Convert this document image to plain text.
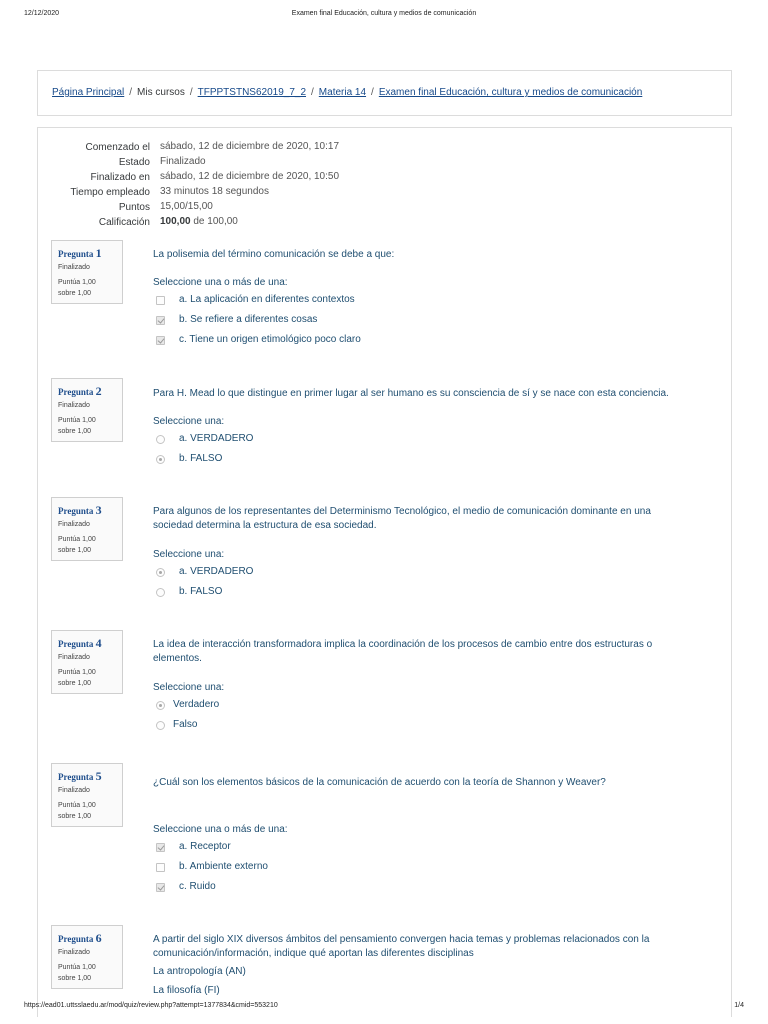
12/12/2020	Examen final Educación, cultura y medios de comunicación
Página Principal / Mis cursos / TFPPTSTNS62019_7_2 / Materia 14 / Examen final Educación, cultura y medios de comunicación
Comenzado el sábado, 12 de diciembre de 2020, 10:17
Estado Finalizado
Finalizado en sábado, 12 de diciembre de 2020, 10:50
Tiempo empleado 33 minutos 18 segundos
Puntos 15,00/15,00
Calificación 100,00 de 100,00
Pregunta 1
Finalizado
Puntúa 1,00
sobre 1,00
La polisemia del término comunicación se debe a que:
Seleccione una o más de una:
a. La aplicación en diferentes contextos
b. Se refiere a diferentes cosas
c. Tiene un origen etimológico poco claro
Pregunta 2
Finalizado
Puntúa 1,00
sobre 1,00
Para H. Mead lo que distingue en primer lugar al ser humano es su consciencia de sí y se nace con esta conciencia.
Seleccione una:
a. VERDADERO
b. FALSO
Pregunta 3
Finalizado
Puntúa 1,00
sobre 1,00
Para algunos de los representantes del Determinismo Tecnológico, el medio de comunicación dominante en una sociedad determina la estructura de esa sociedad.
Seleccione una:
a. VERDADERO
b. FALSO
Pregunta 4
Finalizado
Puntúa 1,00
sobre 1,00
La idea de interacción transformadora implica la coordinación de los procesos de cambio entre dos estructuras o elementos.
Seleccione una:
Verdadero
Falso
Pregunta 5
Finalizado
Puntúa 1,00
sobre 1,00
¿Cuál son los elementos básicos de la comunicación de acuerdo con la teoría de Shannon y Weaver?
Seleccione una o más de una:
a. Receptor
b. Ambiente externo
c. Ruido
Pregunta 6
Finalizado
Puntúa 1,00
sobre 1,00
A partir del siglo XIX diversos ámbitos del pensamiento convergen hacia temas y problemas relacionados con la comunicación/información, indique qué aportan las diferentes disciplinas
La antropología (AN)
La filosofía (FI)
https://ead01.uttsslaedu.ar/mod/quiz/review.php?attempt=1377834&cmid=553210	1/4
